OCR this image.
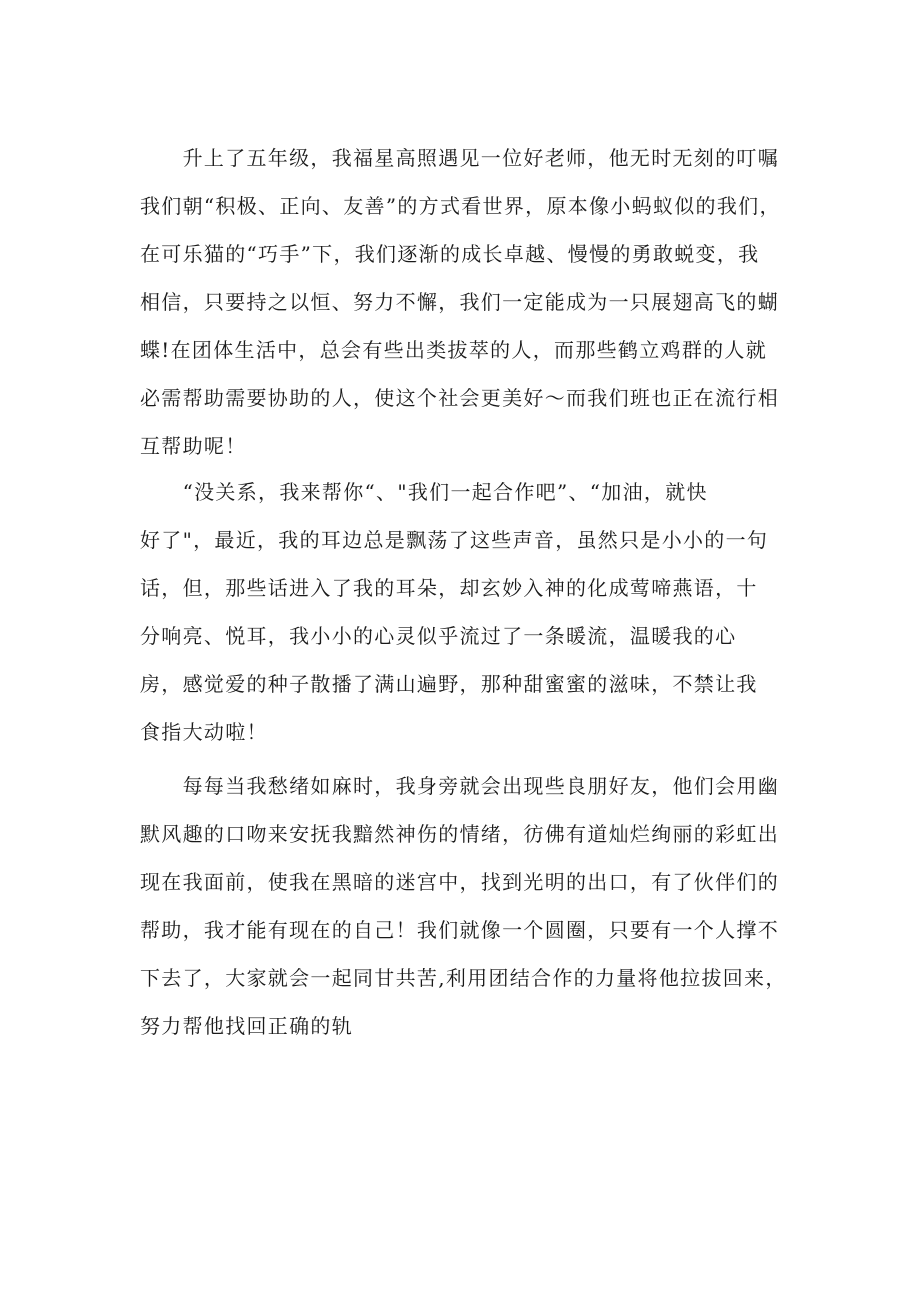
　　升上了五年级，我福星高照遇见一位好老师，他无时无刻的叮嘱
我们朝“积极、正向、友善”的方式看世界，原本像小蚂蚁似的我们，
在可乐猫的“巧手”下，我们逐渐的成长卓越、慢慢的勇敢蜕变，我
相信，只要持之以恒、努力不懈，我们一定能成为一只展翅高飞的蝴
蝶!在团体生活中，总会有些出类拔萃的人，而那些鹤立鸡群的人就
必需帮助需要协助的人，使这个社会更美好～而我们班也正在流行相
互帮助呢！
　　“没关系，我来帮你“、"我们一起合作吧”、“加油，就快
好了"，最近，我的耳边总是飘荡了这些声音，虽然只是小小的一句
话，但，那些话进入了我的耳朵，却玄妙入神的化成莺啼燕语，十
分响亮、悦耳，我小小的心灵似乎流过了一条暖流，温暖我的心
房，感觉爱的种子散播了满山遍野，那种甜蜜蜜的滋味，不禁让我
食指大动啦！
　　每每当我愁绪如麻时，我身旁就会出现些良朋好友，他们会用幽
默风趣的口吻来安抚我黯然神伤的情绪，彷佛有道灿烂绚丽的彩虹出
现在我面前，使我在黑暗的迷宫中，找到光明的出口，有了伙伴们的
帮助，我才能有现在的自己！我们就像一个圆圈，只要有一个人撑不
下去了，大家就会一起同甘共苦,利用团结合作的力量将他拉拔回来，
努力帮他找回正确的轨
